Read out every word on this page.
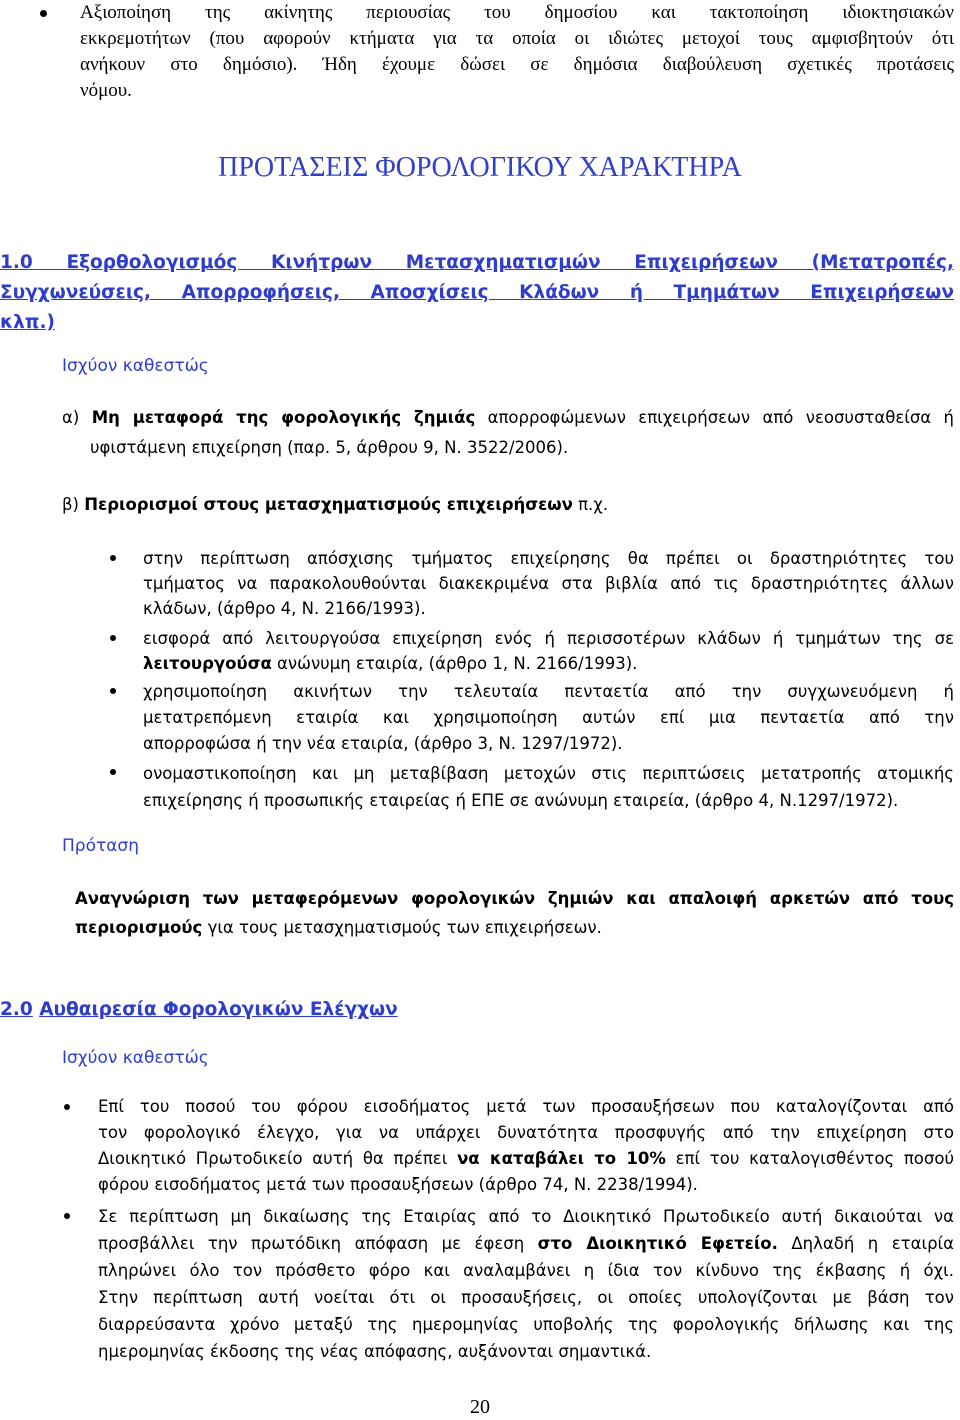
Αξιοποίηση της ακίνητης περιουσίας του δημοσίου και τακτοποίηση ιδιοκτησιακών
εκκρεμοτήτων (που αφορούν κτήματα για τα οποία οι ιδιώτες μετοχοί τους αμφισβητούν ότι
ανήκουν στο δημόσιο). Ήδη έχουμε δώσει σε δημόσια διαβούλευση σχετικές προτάσεις
νόμου.
ΠΡΟΤΑΣΕΙΣ ΦΟΡΟΛΟΓΙΚΟΥ ΧΑΡΑΚΤΗΡΑ
1.0 Εξορθολογισμός Κινήτρων Μετασχηματισμών Επιχειρήσεων (Μετατροπές,
Συγχωνεύσεις, Απορροφήσεις, Αποσχίσεις Κλάδων ή Τμημάτων Επιχειρήσεων
κλπ.)
Ισχύον καθεστώς
α) Μη μεταφορά της φορολογικής ζημιάς απορροφώμενων επιχειρήσεων από νεοσυσταθείσα ή
υφιστάμενη επιχείρηση (παρ. 5, άρθρου 9, Ν. 3522/2006).
β) Περιορισμοί στους μετασχηματισμούς επιχειρήσεων π.χ.
στην περίπτωση απόσχισης τμήματος επιχείρησης θα πρέπει οι δραστηριότητες του
τμήματος να παρακολουθούνται διακεκριμένα στα βιβλία από τις δραστηριότητες άλλων
κλάδων, (άρθρο 4, Ν. 2166/1993).
εισφορά από λειτουργούσα επιχείρηση ενός ή περισσοτέρων κλάδων ή τμημάτων της σε
λειτουργούσα ανώνυμη εταιρία, (άρθρο 1, Ν. 2166/1993).
χρησιμοποίηση ακινήτων την τελευταία πενταετία από την συγχωνευόμενη ή
μετατρεπόμενη εταιρία και χρησιμοποίηση αυτών επί μια πενταετία από την
απορροφώσα ή την νέα εταιρία, (άρθρο 3, Ν. 1297/1972).
ονομαστικοποίηση και μη μεταβίβαση μετοχών στις περιπτώσεις μετατροπής ατομικής
επιχείρησης ή προσωπικής εταιρείας ή ΕΠΕ σε ανώνυμη εταιρεία, (άρθρο 4, Ν.1297/1972).
Πρόταση
Αναγνώριση των μεταφερόμενων φορολογικών ζημιών και απαλοιφή αρκετών από τους
περιορισμούς για τους μετασχηματισμούς των επιχειρήσεων.
2.0 Αυθαιρεσία Φορολογικών Ελέγχων
Ισχύον καθεστώς
Επί του ποσού του φόρου εισοδήματος μετά των προσαυξήσεων που καταλογίζονται από
τον φορολογικό έλεγχο, για να υπάρχει δυνατότητα προσφυγής από την επιχείρηση στο
Διοικητικό Πρωτοδικείο αυτή θα πρέπει να καταβάλει το 10% επί του καταλογισθέντος ποσού
φόρου εισοδήματος μετά των προσαυξήσεων (άρθρο 74, Ν. 2238/1994).
Σε περίπτωση μη δικαίωσης της Εταιρίας από το Διοικητικό Πρωτοδικείο αυτή δικαιούται να
προσβάλλει την πρωτόδικη απόφαση με έφεση στο Διοικητικό Εφετείο. Δηλαδή η εταιρία
πληρώνει όλο τον πρόσθετο φόρο και αναλαμβάνει η ίδια τον κίνδυνο της έκβασης ή όχι.
Στην περίπτωση αυτή νοείται ότι οι προσαυξήσεις, οι οποίες υπολογίζονται με βάση τον
διαρρεύσαντα χρόνο μεταξύ της ημερομηνίας υποβολής της φορολογικής δήλωσης και της
ημερομηνίας έκδοσης της νέας απόφασης, αυξάνονται σημαντικά.
20
